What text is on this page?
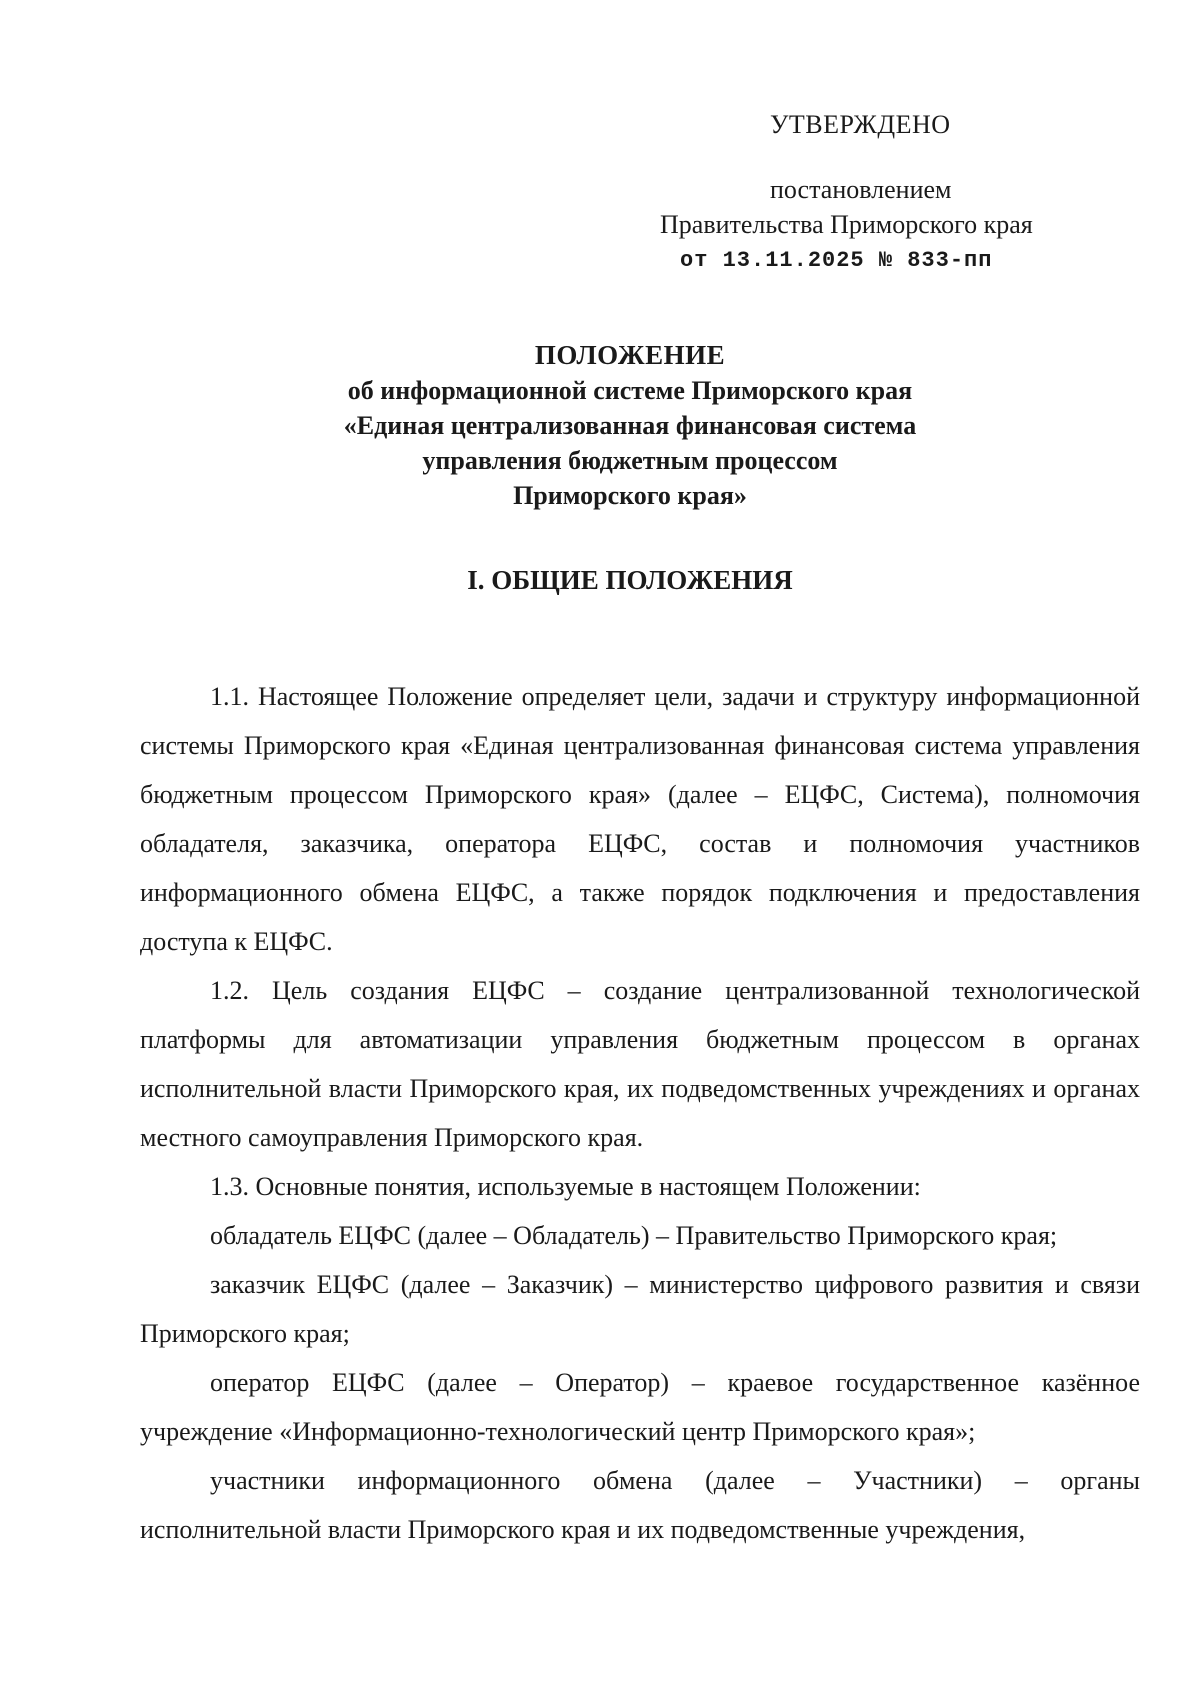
УТВЕРЖДЕНО
постановлением
Правительства Приморского края
от 13.11.2025 № 833-пп
ПОЛОЖЕНИЕ
об информационной системе Приморского края
«Единая централизованная финансовая система
управления бюджетным процессом
Приморского края»
I. ОБЩИЕ ПОЛОЖЕНИЯ

1.1. Настоящее Положение определяет цели, задачи и структуру информационной системы Приморского края «Единая централизованная финансовая система управления бюджетным процессом Приморского края» (далее – ЕЦФС, Система), полномочия обладателя, заказчика, оператора ЕЦФС, состав и полномочия участников информационного обмена ЕЦФС, а также порядок подключения и предоставления доступа к ЕЦФС.

1.2. Цель создания ЕЦФС – создание централизованной технологической платформы для автоматизации управления бюджетным процессом в органах исполнительной власти Приморского края, их подведомственных учреждениях и органах местного самоуправления Приморского края.

1.3. Основные понятия, используемые в настоящем Положении:

обладатель ЕЦФС (далее – Обладатель) – Правительство Приморского края;

заказчик ЕЦФС (далее – Заказчик) – министерство цифрового развития и связи Приморского края;

оператор ЕЦФС (далее – Оператор) – краевое государственное казённое учреждение «Информационно-технологический центр Приморского края»;

участники информационного обмена (далее – Участники) – органы исполнительной власти Приморского края и их подведомственные учреждения,
